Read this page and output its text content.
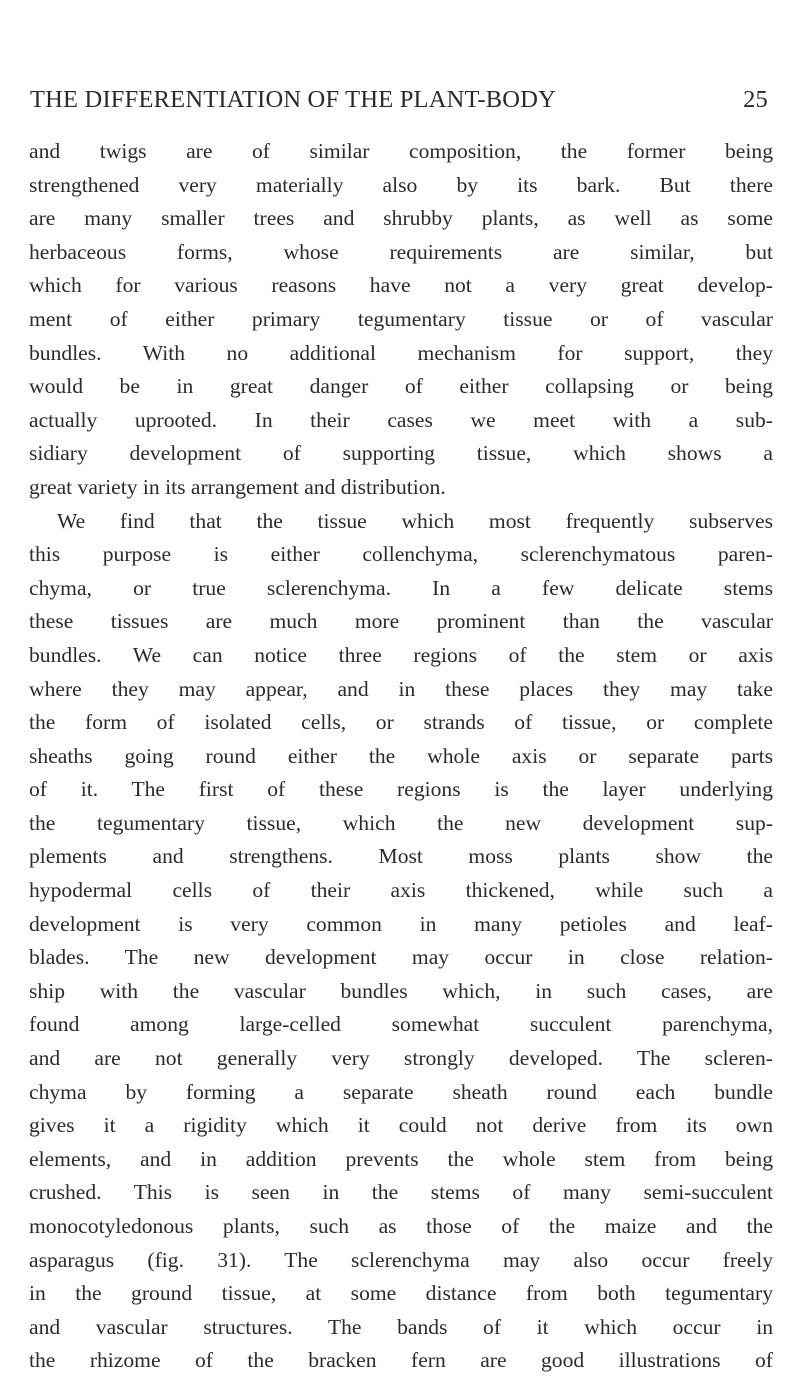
THE DIFFERENTIATION OF THE PLANT-BODY	25
and twigs are of similar composition, the former being
strengthened very materially also by its bark. But there
are many smaller trees and shrubby plants, as well as some
herbaceous forms, whose requirements are similar, but
which for various reasons have not a very great develop-
ment of either primary tegumentary tissue or of vascular
bundles. With no additional mechanism for support, they
would be in great danger of either collapsing or being
actually uprooted. In their cases we meet with a sub-
sidiary development of supporting tissue, which shows a
great variety in its arrangement and distribution.
We find that the tissue which most frequently subserves
this purpose is either collenchyma, sclerenchymatous paren-
chyma, or true sclerenchyma. In a few delicate stems
these tissues are much more prominent than the vascular
bundles. We can notice three regions of the stem or axis
where they may appear, and in these places they may take
the form of isolated cells, or strands of tissue, or complete
sheaths going round either the whole axis or separate parts
of it. The first of these regions is the layer underlying
the tegumentary tissue, which the new development sup-
plements and strengthens. Most moss plants show the
hypodermal cells of their axis thickened, while such a
development is very common in many petioles and leaf-
blades. The new development may occur in close relation-
ship with the vascular bundles which, in such cases, are
found among large-celled somewhat succulent parenchyma,
and are not generally very strongly developed. The scleren-
chyma by forming a separate sheath round each bundle
gives it a rigidity which it could not derive from its own
elements, and in addition prevents the whole stem from being
crushed. This is seen in the stems of many semi-succulent
monocotyledonous plants, such as those of the maize and the
asparagus (fig. 31). The sclerenchyma may also occur freely
in the ground tissue, at some distance from both tegumentary
and vascular structures. The bands of it which occur in
the rhizome of the bracken fern are good illustrations of
